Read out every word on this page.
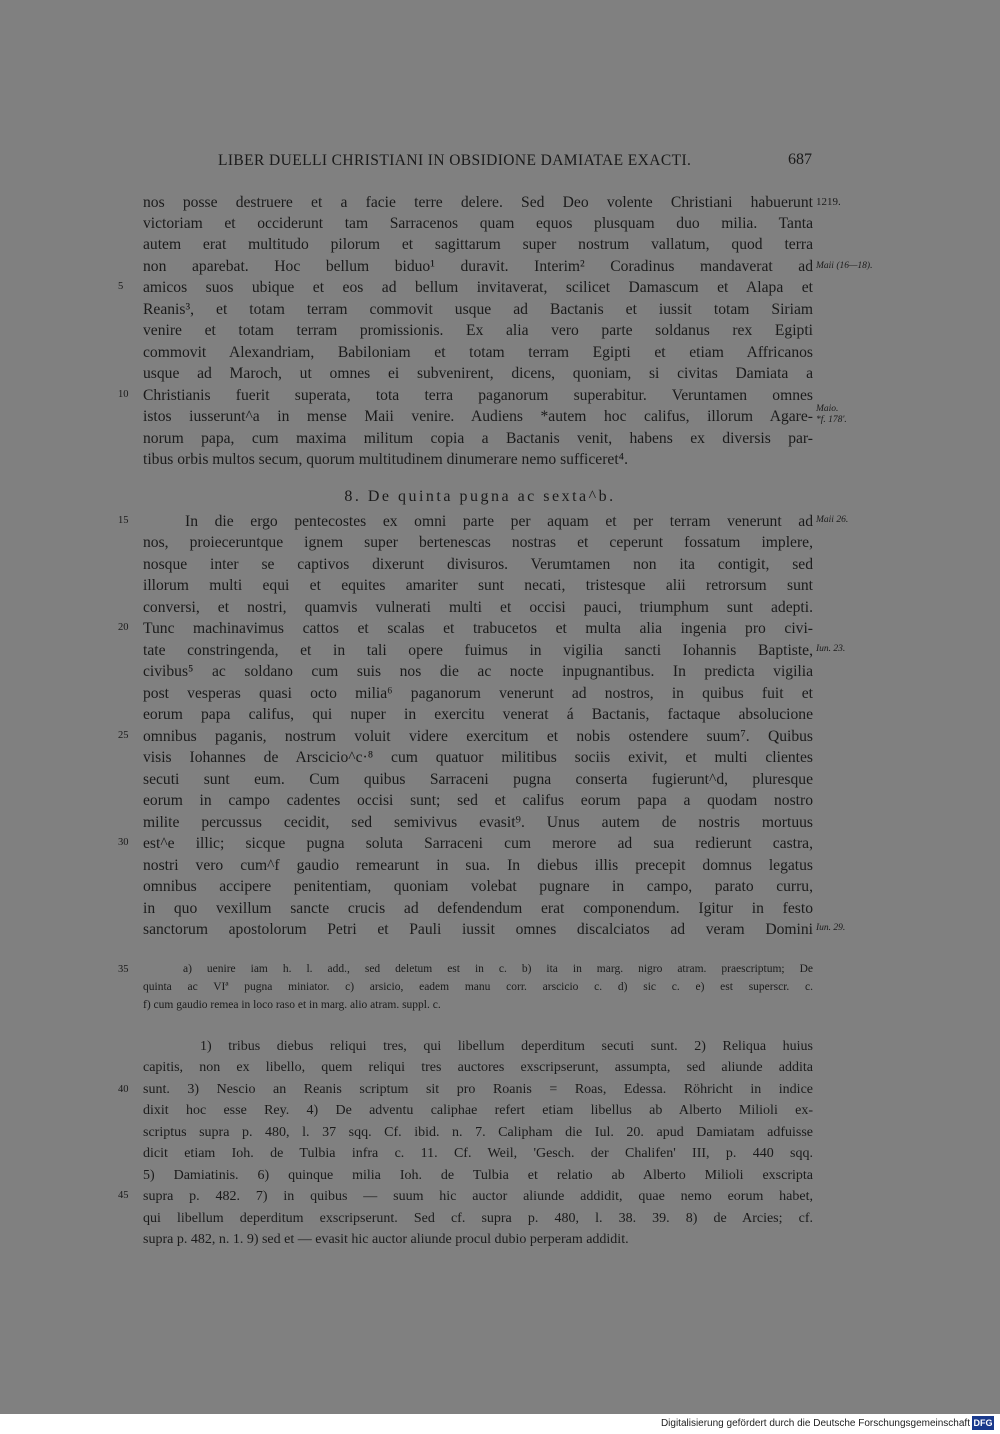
LIBER DUELLI CHRISTIANI IN OBSIDIONE DAMIATAE EXACTI.	687
nos posse destruere et a facie terre delere. Sed Deo volente Christiani habuerunt
victoriam et occiderunt tam Sarracenos quam equos plusquam duo milia. Tanta
autem erat multitudo pilorum et sagittarum super nostrum vallatum, quod terra
non aparebat. Hoc bellum biduo¹ duravit. Interim² Coradinus mandaverat ad
amicos suos ubique et eos ad bellum invitaverat, scilicet Damascum et Alapa et
Reanis³, et totam terram commovit usque ad Bactanis et iussit totam Siriam
venire et totam terram promissionis. Ex alia vero parte soldanus rex Egipti
commovit Alexandriam, Babiloniam et totam terram Egipti et etiam Affricanos
usque ad Maroch, ut omnes ei subvenirent, dicens, quoniam, si civitas Damiata a
Christianis fuerit superata, tota terra paganorum superabitur. Veruntamen omnes
istos iusserunt^a in mense Maii venire. Audiens *autem hoc califus, illorum Agare-
norum papa, cum maxima militum copia a Bactanis venit, habens ex diversis par-
tibus orbis multos secum, quorum multitudinem dinumerare nemo sufficeret⁴.
8. De quinta pugna ac sexta^b.
In die ergo pentecostes ex omni parte per aquam et per terram venerunt ad
nos, proieceruntque ignem super bertenescas nostras et ceperunt fossatum implere,
nosque inter se captivos dixerunt divisuros. Verumtamen non ita contigit, sed
illorum multi equi et equites amariter sunt necati, tristesque alii retrorsum sunt
conversi, et nostri, quamvis vulnerati multi et occisi pauci, triumphum sunt adepti.
Tunc machinavimus cattos et scalas et trabucetos et multa alia ingenia pro civi-
tate constringenda, et in tali opere fuimus in vigilia sancti Iohannis Baptiste,
civibus⁵ ac soldano cum suis nos die ac nocte inpugnantibus. In predicta vigilia
post vesperas quasi octo milia⁶ paganorum venerunt ad nostros, in quibus fuit et
eorum papa califus, qui nuper in exercitu venerat á Bactanis, factaque absolucione
omnibus paganis, nostrum voluit videre exercitum et nobis ostendere suum⁷. Quibus
visis Iohannes de Arscicio^c·⁸ cum quatuor militibus sociis exivit, et multi clientes
secuti sunt eum. Cum quibus Sarraceni pugna conserta fugierunt^d, pluresque
eorum in campo cadentes occisi sunt; sed et califus eorum papa a quodam nostro
milite percussus cecidit, sed semivivus evasit⁹. Unus autem de nostris mortuus
est^e illic; sicque pugna soluta Sarraceni cum merore ad sua redierunt castra,
nostri vero cum^f gaudio remearunt in sua. In diebus illis precepit domnus legatus
omnibus accipere penitentiam, quoniam volebat pugnare in campo, parato curru,
in quo vexillum sancte crucis ad defendendum erat componendum. Igitur in festo
sanctorum apostolorum Petri et Pauli iussit omnes discalciatos ad veram Domini
5
10
15
20
25
30
35
40
45
1219.
Maii (16—18).
Maio.
*f. 178'.
Maii 26.
Iun. 23.
Iun. 29.
a) uenire iam h. l. add., sed deletum est in c. b) ita in marg. nigro atram. praescriptum; De
quinta ac VIª pugna miniator. c) arsicio, eadem manu corr. arscicio c. d) sic c. e) est superscr. c.
f) cum gaudio remea in loco raso et in marg. alio atram. suppl. c.
1) tribus diebus reliqui tres, qui libellum deperditum secuti sunt. 2) Reliqua huius
capitis, non ex libello, quem reliqui tres auctores exscripserunt, assumpta, sed aliunde addita
sunt. 3) Nescio an Reanis scriptum sit pro Roanis = Roas, Edessa. Röhricht in indice
dixit hoc esse Rey. 4) De adventu caliphae refert etiam libellus ab Alberto Milioli ex-
scriptus supra p. 480, l. 37 sqq. Cf. ibid. n. 7. Calipham die Iul. 20. apud Damiatam adfuisse
dicit etiam Ioh. de Tulbia infra c. 11. Cf. Weil, 'Gesch. der Chalifen' III, p. 440 sqq.
5) Damiatinis. 6) quinque milia Ioh. de Tulbia et relatio ab Alberto Milioli exscripta
supra p. 482. 7) in quibus — suum hic auctor aliunde addidit, quae nemo eorum habet,
qui libellum deperditum exscripserunt. Sed cf. supra p. 480, l. 38. 39. 8) de Arcies; cf.
supra p. 482, n. 1. 9) sed et — evasit hic auctor aliunde procul dubio perperam addidit.
Digitalisierung gefördert durch die Deutsche Forschungsgemeinschaft DFG
